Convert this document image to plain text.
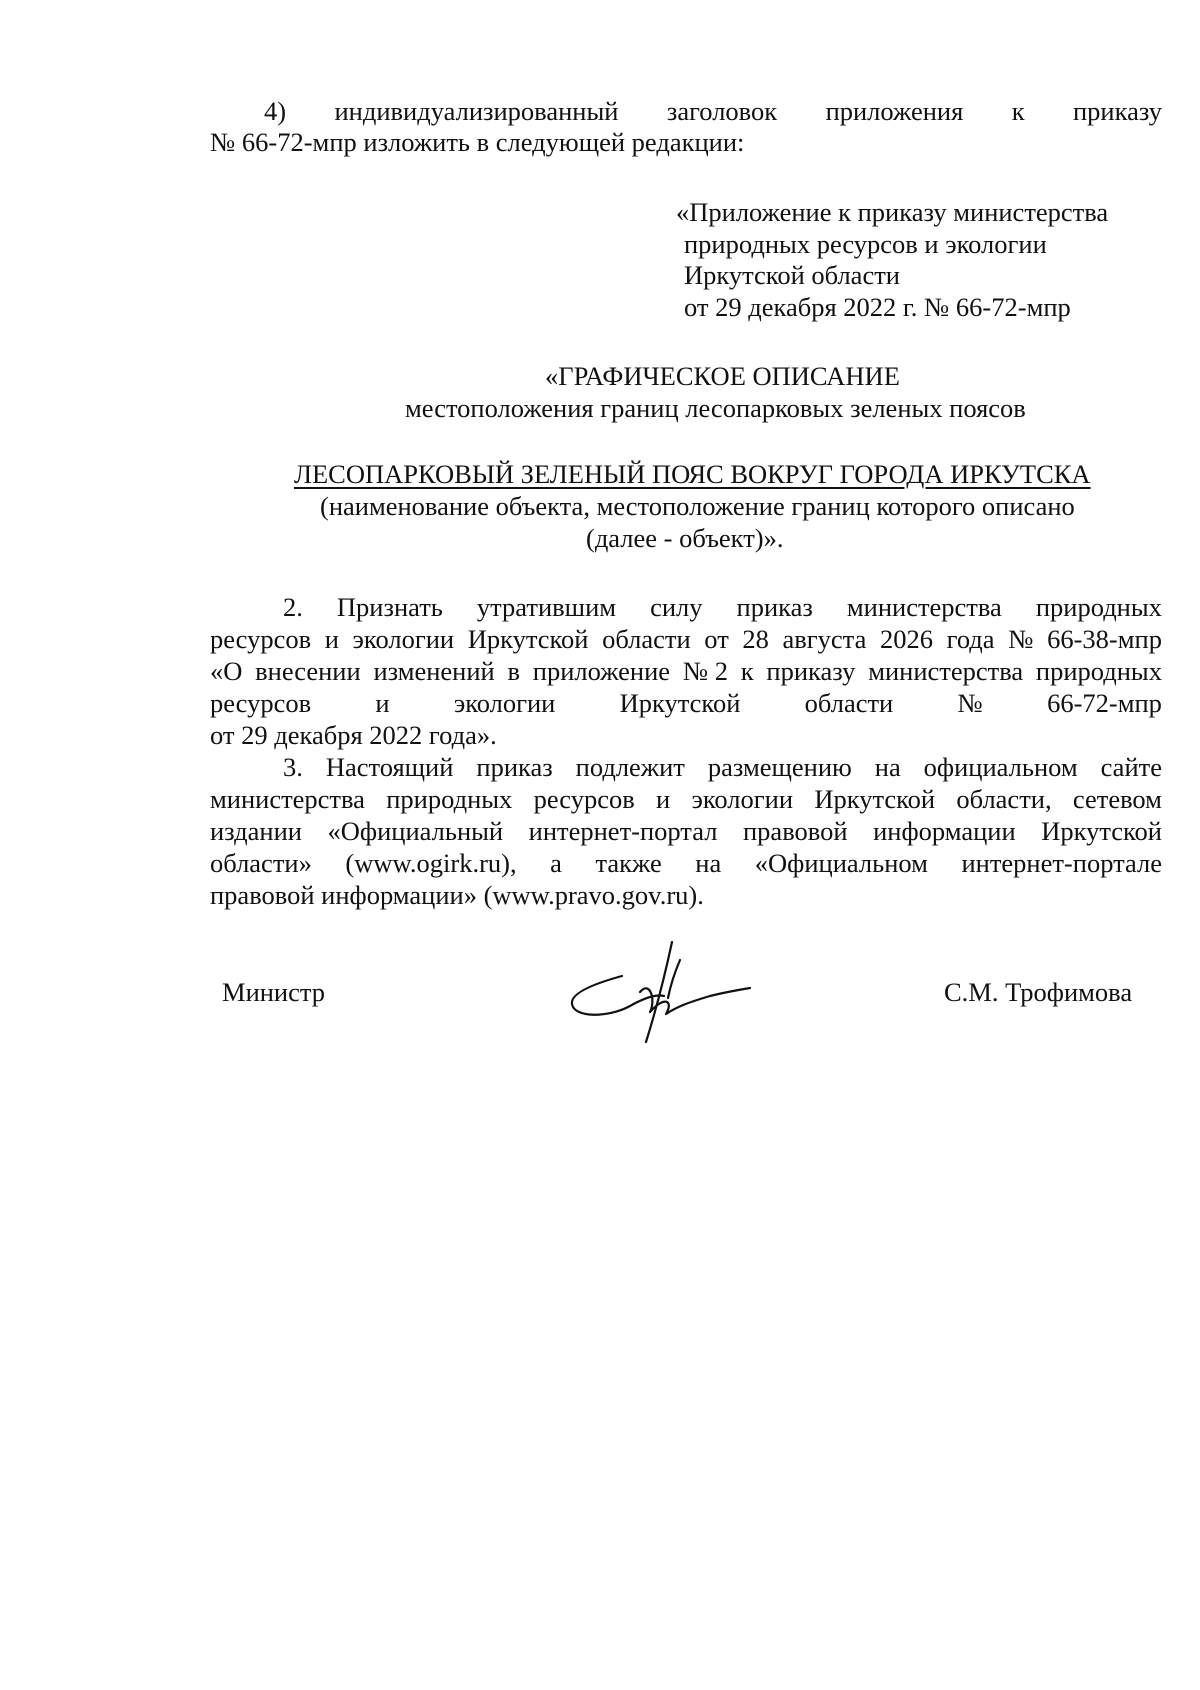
4) индивидуализированный заголовок приложения к приказу
№ 66-72-мпр изложить в следующей редакции:
«Приложение к приказу министерства
природных ресурсов и экологии
Иркутской области
от 29 декабря 2022 г. № 66-72-мпр
«ГРАФИЧЕСКОЕ ОПИСАНИЕ
местоположения границ лесопарковых зеленых поясов
ЛЕСОПАРКОВЫЙ ЗЕЛЕНЫЙ ПОЯС ВОКРУГ ГОРОДА ИРКУТСКА
(наименование объекта, местоположение границ которого описано
(далее - объект)».
2. Признать утратившим силу приказ министерства природных
ресурсов и экологии Иркутской области от 28 августа 2026 года № 66-38-мпр
«О внесении изменений в приложение № 2 к приказу министерства природных
ресурсов и экологии Иркутской области № 66-72-мпр
от 29 декабря 2022 года».
3. Настоящий приказ подлежит размещению на официальном сайте
министерства природных ресурсов и экологии Иркутской области, сетевом
издании «Официальный интернет-портал правовой информации Иркутской
области» (www.ogirk.ru), а также на «Официальном интернет-портале
правовой информации» (www.pravo.gov.ru).
Министр	С.М. Трофимова
